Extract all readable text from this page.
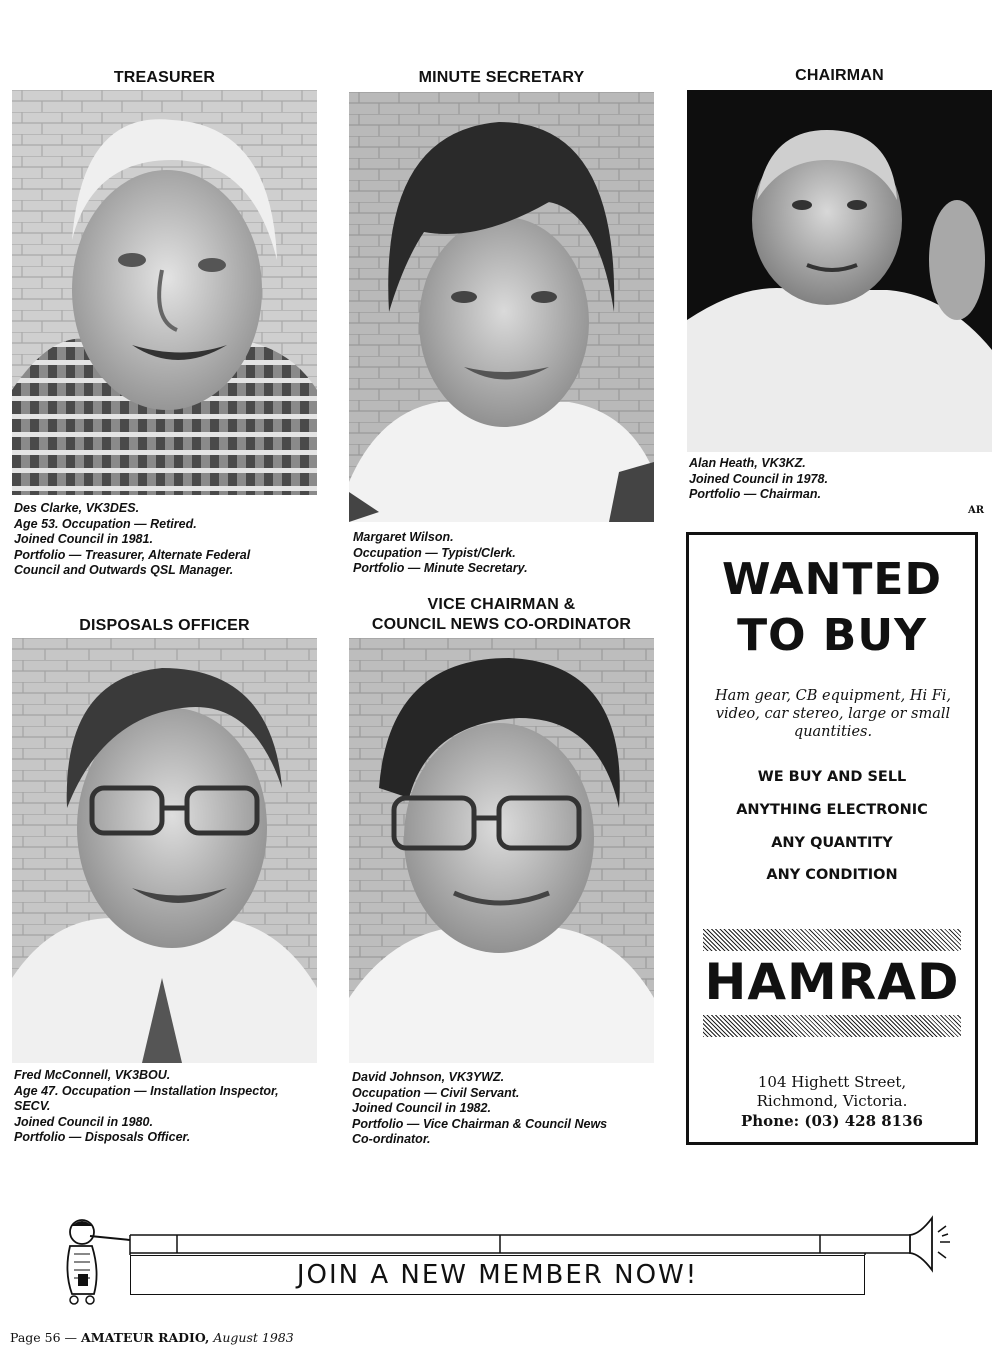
TREASURER	MINUTE SECRETARY	CHAIRMAN
Des Clarke, VK3DES.
Age 53. Occupation — Retired.
Joined Council in 1981.
Portfolio — Treasurer, Alternate Federal
Council and Outwards QSL Manager.
Margaret Wilson.
Occupation — Typist/Clerk.
Portfolio — Minute Secretary.
Alan Heath, VK3KZ.
Joined Council in 1978.
Portfolio — Chairman.
AR
DISPOSALS OFFICER
VICE CHAIRMAN &
COUNCIL NEWS CO-ORDINATOR
Fred McConnell, VK3BOU.
Age 47. Occupation — Installation Inspector,
SECV.
Joined Council in 1980.
Portfolio — Disposals Officer.
David Johnson, VK3YWZ.
Occupation — Civil Servant.
Joined Council in 1982.
Portfolio — Vice Chairman & Council News
Co-ordinator.
WANTED
TO BUY
Ham gear, CB equipment, Hi Fi, video, car stereo, large or small quantities.
WE BUY AND SELL
ANYTHING ELECTRONIC
ANY QUANTITY
ANY CONDITION
HAMRAD
104 Highett Street,
Richmond, Victoria.
Phone: (03) 428 8136
JOIN A NEW MEMBER NOW!
Page 56 — AMATEUR RADIO, August 1983
